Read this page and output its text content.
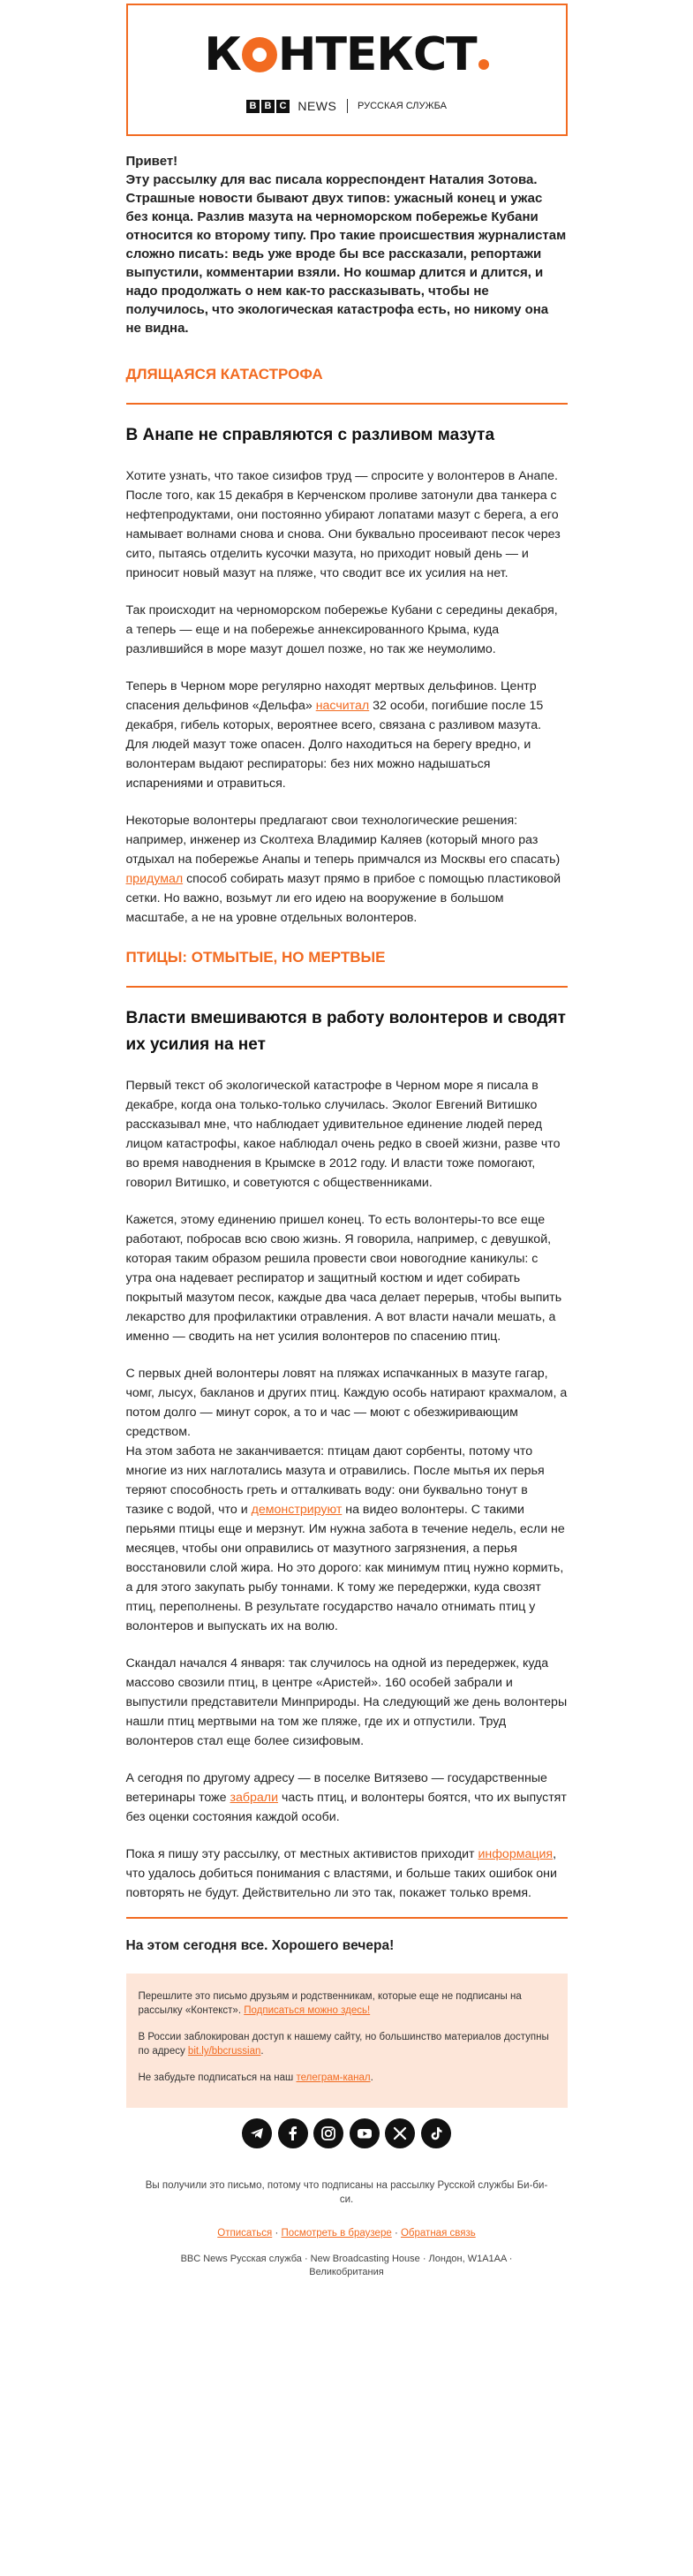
К НТЕКСТ
B B C NEWS РУССКАЯ СЛУЖБА
Привет!
Эту рассылку для вас писала корреспондент Наталия Зотова. Страшные новости бывают двух типов: ужасный конец и ужас без конца. Разлив мазута на черноморском побережье Кубани относится ко второму типу. Про такие происшествия журналистам сложно писать: ведь уже вроде бы все рассказали, репортажи выпустили, комментарии взяли. Но кошмар длится и длится, и надо продолжать о нем как-то рассказывать, чтобы не получилось, что экологическая катастрофа есть, но никому она не видна.
ДЛЯЩАЯСЯ КАТАСТРОФА
В Анапе не справляются с разливом мазута

Хотите узнать, что такое сизифов труд — спросите у волонтеров в Анапе. После того, как 15 декабря в Керченском проливе затонули два танкера с нефтепродуктами, они постоянно убирают лопатами мазут с берега, а его намывает волнами снова и снова. Они буквально просеивают песок через сито, пытаясь отделить кусочки мазута, но приходит новый день — и приносит новый мазут на пляже, что сводит все их усилия на нет.

Так происходит на черноморском побережье Кубани с середины декабря, а теперь — еще и на побережье аннексированного Крыма, куда разлившийся в море мазут дошел позже, но так же неумолимо.

Теперь в Черном море регулярно находят мертвых дельфинов. Центр спасения дельфинов «Дельфа» насчитал 32 особи, погибшие после 15 декабря, гибель которых, вероятнее всего, связана с разливом мазута. Для людей мазут тоже опасен. Долго находиться на берегу вредно, и волонтерам выдают респираторы: без них можно надышаться испарениями и отравиться.

Некоторые волонтеры предлагают свои технологические решения: например, инженер из Сколтеха Владимир Каляев (который много раз отдыхал на побережье Анапы и теперь примчался из Москвы его спасать) придумал способ собирать мазут прямо в прибое с помощью пластиковой сетки. Но важно, возьмут ли его идею на вооружение в большом масштабе, а не на уровне отдельных волонтеров.

ПТИЦЫ: ОТМЫТЫЕ, НО МЕРТВЫЕ
Власти вмешиваются в работу волонтеров и сводят их усилия на нет

Первый текст об экологической катастрофе в Черном море я писала в декабре, когда она только-только случилась. Эколог Евгений Витишко рассказывал мне, что наблюдает удивительное единение людей перед лицом катастрофы, какое наблюдал очень редко в своей жизни, разве что во время наводнения в Крымске в 2012 году. И власти тоже помогают, говорил Витишко, и советуются с общественниками.

Кажется, этому единению пришел конец. То есть волонтеры-то все еще работают, побросав всю свою жизнь. Я говорила, например, с девушкой, которая таким образом решила провести свои новогодние каникулы: с утра она надевает респиратор и защитный костюм и идет собирать покрытый мазутом песок, каждые два часа делает перерыв, чтобы выпить лекарство для профилактики отравления. А вот власти начали мешать, а именно — сводить на нет усилия волонтеров по спасению птиц.

С первых дней волонтеры ловят на пляжах испачканных в мазуте гагар, чомг, лысух, бакланов и других птиц. Каждую особь натирают крахмалом, а потом долго — минут сорок, а то и час — моют с обезжиривающим средством.
На этом забота не заканчивается: птицам дают сорбенты, потому что многие из них наглотались мазута и отравились. После мытья их перья теряют способность греть и отталкивать воду: они буквально тонут в тазике с водой, что и демонстрируют на видео волонтеры. С такими перьями птицы еще и мерзнут. Им нужна забота в течение недель, если не месяцев, чтобы они оправились от мазутного загрязнения, а перья восстановили слой жира. Но это дорого: как минимум птиц нужно кормить, а для этого закупать рыбу тоннами. К тому же передержки, куда свозят птиц, переполнены. В результате государство начало отнимать птиц у волонтеров и выпускать их на волю.

Скандал начался 4 января: так случилось на одной из передержек, куда массово свозили птиц, в центре «Аристей». 160 особей забрали и выпустили представители Минприроды. На следующий же день волонтеры нашли птиц мертвыми на том же пляже, где их и отпустили. Труд волонтеров стал еще более сизифовым.

А сегодня по другому адресу — в поселке Витязево — государственные ветеринары тоже забрали часть птиц, и волонтеры боятся, что их выпустят без оценки состояния каждой особи.

Пока я пишу эту рассылку, от местных активистов приходит информация, что удалось добиться понимания с властями, и больше таких ошибок они повторять не будут. Действительно ли это так, покажет только время.

На этом сегодня все. Хорошего вечера!

Перешлите это письмо друзьям и родственникам, которые еще не подписаны на рассылку «Контекст». Подписаться можно здесь!

В России заблокирован доступ к нашему сайту, но большинство материалов доступны по адресу bit.ly/bbcrussian.

Не забудьте подписаться на наш телеграм-канал.

Вы получили это письмо, потому что подписаны на рассылку Русской службы Би-би-си.
Отписаться · Посмотреть в браузере · Обратная связь
BBC News Русская служба · New Broadcasting House · Лондон, W1A1AA · Великобритания
